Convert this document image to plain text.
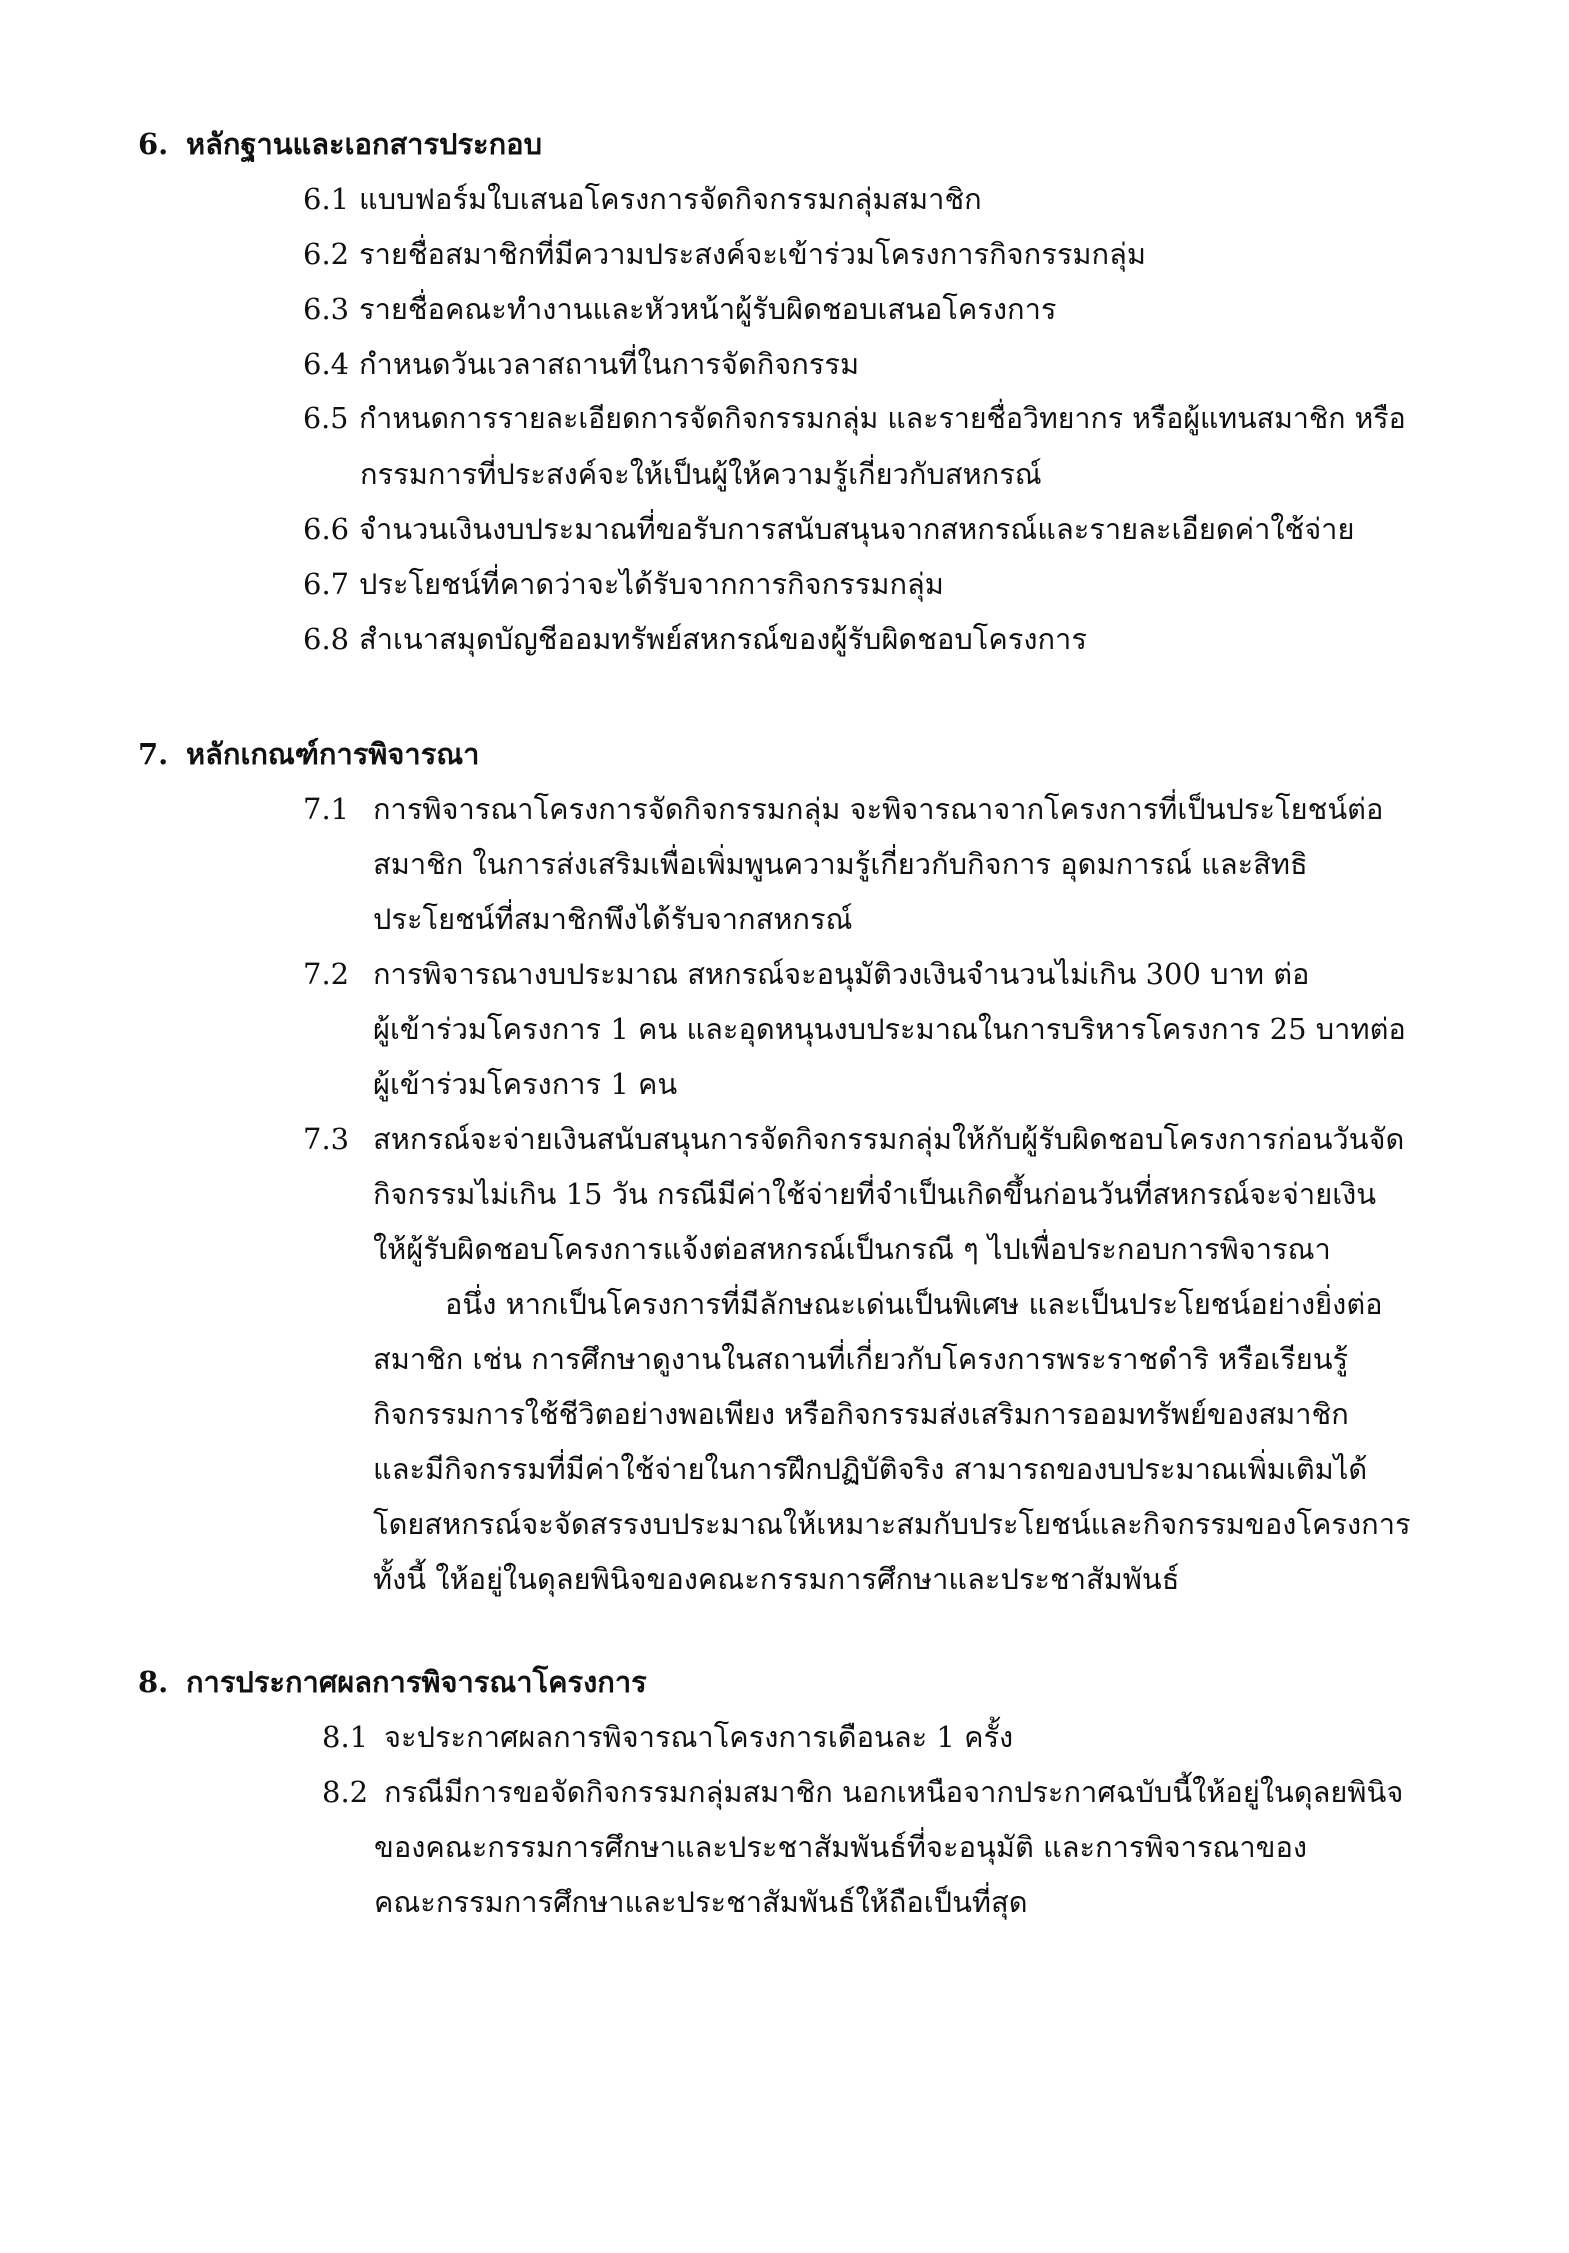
6. หลักฐานและเอกสารประกอบ
6.1 แบบฟอร์มใบเสนอโครงการจัดกิจกรรมกลุ่มสมาชิก
6.2 รายชื่อสมาชิกที่มีความประสงค์จะเข้าร่วมโครงการกิจกรรมกลุ่ม
6.3 รายชื่อคณะทำงานและหัวหน้าผู้รับผิดชอบเสนอโครงการ
6.4 กำหนดวันเวลาสถานที่ในการจัดกิจกรรม
6.5 กำหนดการรายละเอียดการจัดกิจกรรมกลุ่ม และรายชื่อวิทยากร หรือผู้แทนสมาชิก หรือ
กรรมการที่ประสงค์จะให้เป็นผู้ให้ความรู้เกี่ยวกับสหกรณ์
6.6 จำนวนเงินงบประมาณที่ขอรับการสนับสนุนจากสหกรณ์และรายละเอียดค่าใช้จ่าย
6.7 ประโยชน์ที่คาดว่าจะได้รับจากการกิจกรรมกลุ่ม
6.8 สำเนาสมุดบัญชีออมทรัพย์สหกรณ์ของผู้รับผิดชอบโครงการ
7. หลักเกณฑ์การพิจารณา
7.1 การพิจารณาโครงการจัดกิจกรรมกลุ่ม จะพิจารณาจากโครงการที่เป็นประโยชน์ต่อ
สมาชิก ในการส่งเสริมเพื่อเพิ่มพูนความรู้เกี่ยวกับกิจการ อุดมการณ์ และสิทธิ
ประโยชน์ที่สมาชิกพึงได้รับจากสหกรณ์
7.2 การพิจารณางบประมาณ สหกรณ์จะอนุมัติวงเงินจำนวนไม่เกิน 300 บาท ต่อ
ผู้เข้าร่วมโครงการ 1 คน และอุดหนุนงบประมาณในการบริหารโครงการ 25 บาทต่อ
ผู้เข้าร่วมโครงการ 1 คน
7.3 สหกรณ์จะจ่ายเงินสนับสนุนการจัดกิจกรรมกลุ่มให้กับผู้รับผิดชอบโครงการก่อนวันจัด
กิจกรรมไม่เกิน 15 วัน กรณีมีค่าใช้จ่ายที่จำเป็นเกิดขึ้นก่อนวันที่สหกรณ์จะจ่ายเงิน
ให้ผู้รับผิดชอบโครงการแจ้งต่อสหกรณ์เป็นกรณี ๆ ไปเพื่อประกอบการพิจารณา
อนึ่ง หากเป็นโครงการที่มีลักษณะเด่นเป็นพิเศษ และเป็นประโยชน์อย่างยิ่งต่อ
สมาชิก เช่น การศึกษาดูงานในสถานที่เกี่ยวกับโครงการพระราชดำริ หรือเรียนรู้
กิจกรรมการใช้ชีวิตอย่างพอเพียง หรือกิจกรรมส่งเสริมการออมทรัพย์ของสมาชิก
และมีกิจกรรมที่มีค่าใช้จ่ายในการฝึกปฏิบัติจริง สามารถของบประมาณเพิ่มเติมได้
โดยสหกรณ์จะจัดสรรงบประมาณให้เหมาะสมกับประโยชน์และกิจกรรมของโครงการ
ทั้งนี้ ให้อยู่ในดุลยพินิจของคณะกรรมการศึกษาและประชาสัมพันธ์
8. การประกาศผลการพิจารณาโครงการ
8.1 จะประกาศผลการพิจารณาโครงการเดือนละ 1 ครั้ง
8.2 กรณีมีการขอจัดกิจกรรมกลุ่มสมาชิก นอกเหนือจากประกาศฉบับนี้ให้อยู่ในดุลยพินิจ
ของคณะกรรมการศึกษาและประชาสัมพันธ์ที่จะอนุมัติ และการพิจารณาของ
คณะกรรมการศึกษาและประชาสัมพันธ์ให้ถือเป็นที่สุด
